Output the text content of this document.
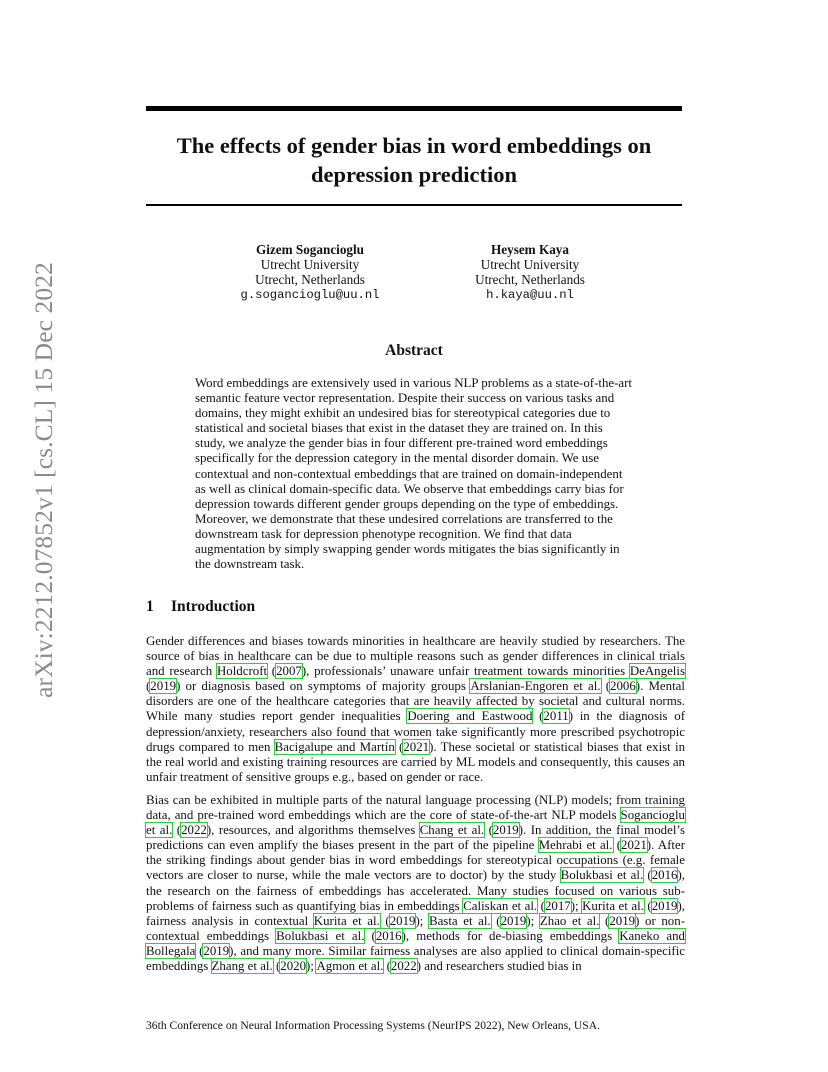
arXiv:2212.07852v1 [cs.CL] 15 Dec 2022
The effects of gender bias in word embeddings on depression prediction
Gizem Sogancioglu
Utrecht University
Utrecht, Netherlands
g.sogancioglu@uu.nl
Heysem Kaya
Utrecht University
Utrecht, Netherlands
h.kaya@uu.nl
Abstract
Word embeddings are extensively used in various NLP problems as a state-of-the-art semantic feature vector representation. Despite their success on various tasks and domains, they might exhibit an undesired bias for stereotypical categories due to statistical and societal biases that exist in the dataset they are trained on. In this study, we analyze the gender bias in four different pre-trained word embeddings specifically for the depression category in the mental disorder domain. We use contextual and non-contextual embeddings that are trained on domain-independent as well as clinical domain-specific data. We observe that embeddings carry bias for depression towards different gender groups depending on the type of embeddings. Moreover, we demonstrate that these undesired correlations are transferred to the downstream task for depression phenotype recognition. We find that data augmentation by simply swapping gender words mitigates the bias significantly in the downstream task.
1 Introduction
Gender differences and biases towards minorities in healthcare are heavily studied by researchers. The source of bias in healthcare can be due to multiple reasons such as gender differences in clinical trials and research Holdcroft (2007), professionals’ unaware unfair treatment towards minorities DeAngelis (2019) or diagnosis based on symptoms of majority groups Arslanian-Engoren et al. (2006). Mental disorders are one of the healthcare categories that are heavily affected by societal and cultural norms. While many studies report gender inequalities Doering and Eastwood (2011) in the diagnosis of depression/anxiety, researchers also found that women take significantly more prescribed psychotropic drugs compared to men Bacigalupe and Martín (2021). These societal or statistical biases that exist in the real world and existing training resources are carried by ML models and consequently, this causes an unfair treatment of sensitive groups e.g., based on gender or race.
Bias can be exhibited in multiple parts of the natural language processing (NLP) models; from training data, and pre-trained word embeddings which are the core of state-of-the-art NLP models Sogancioglu et al. (2022), resources, and algorithms themselves Chang et al. (2019). In addition, the final model’s predictions can even amplify the biases present in the part of the pipeline Mehrabi et al. (2021). After the striking findings about gender bias in word embeddings for stereotypical occupations (e.g. female vectors are closer to nurse, while the male vectors are to doctor) by the study Bolukbasi et al. (2016), the research on the fairness of embeddings has accelerated. Many studies focused on various sub-problems of fairness such as quantifying bias in embeddings Caliskan et al. (2017); Kurita et al. (2019), fairness analysis in contextual Kurita et al. (2019); Basta et al. (2019); Zhao et al. (2019) or non-contextual embeddings Bolukbasi et al. (2016), methods for de-biasing embeddings Kaneko and Bollegala (2019), and many more. Similar fairness analyses are also applied to clinical domain-specific embeddings Zhang et al. (2020); Agmon et al. (2022) and researchers studied bias in
36th Conference on Neural Information Processing Systems (NeurIPS 2022), New Orleans, USA.
